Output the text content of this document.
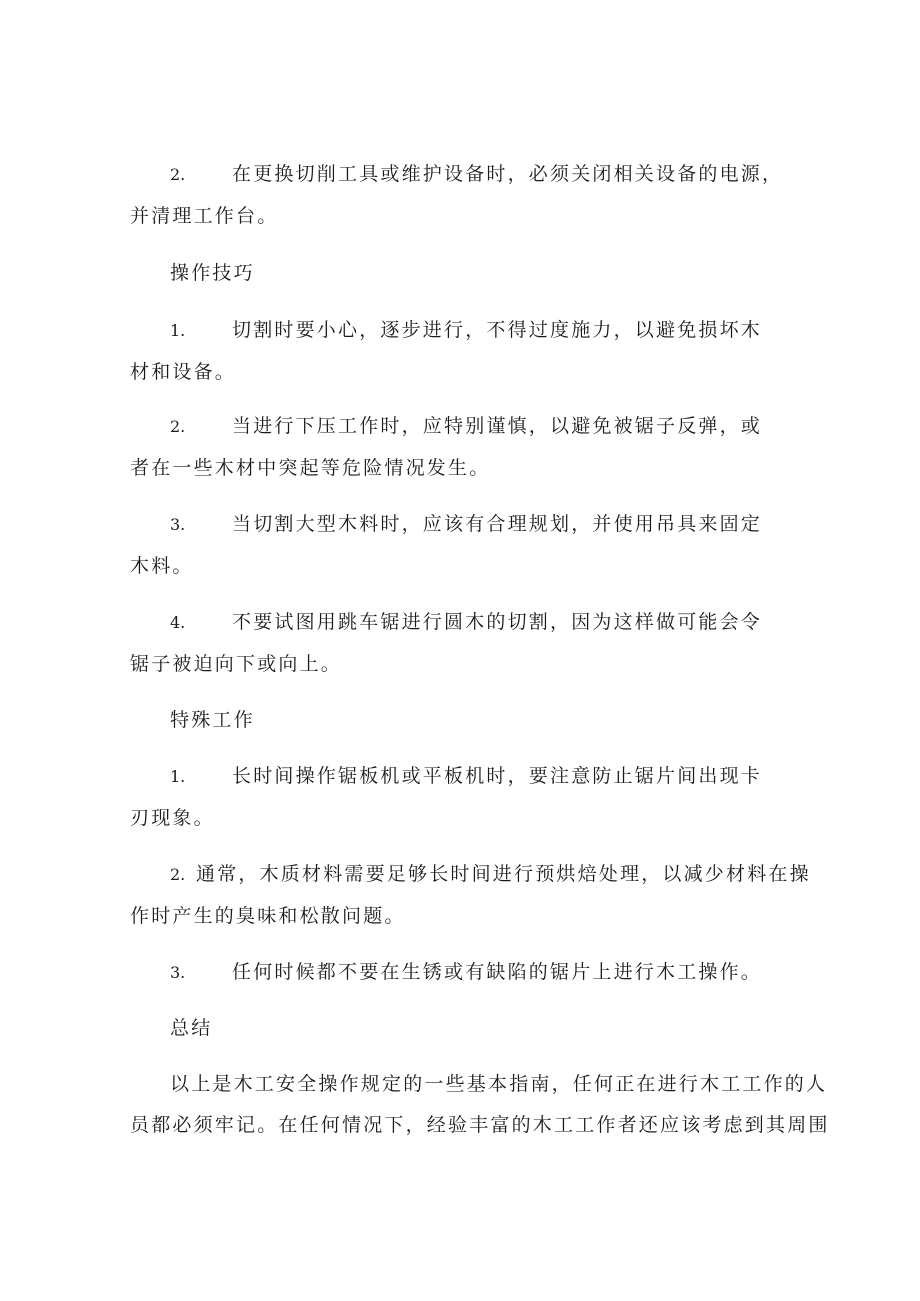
2. 在更换切削工具或维护设备时，必须关闭相关设备的电源，
并清理工作台。
操作技巧
1. 切割时要小心，逐步进行，不得过度施力，以避免损坏木
材和设备。
2. 当进行下压工作时，应特别谨慎，以避免被锯子反弹，或
者在一些木材中突起等危险情况发生。
3. 当切割大型木料时，应该有合理规划，并使用吊具来固定
木料。
4. 不要试图用跳车锯进行圆木的切割，因为这样做可能会令
锯子被迫向下或向上。
特殊工作
1. 长时间操作锯板机或平板机时，要注意防止锯片间出现卡
刃现象。
2. 通常，木质材料需要足够长时间进行预烘焙处理，以减少材料在操
作时产生的臭味和松散问题。
3. 任何时候都不要在生锈或有缺陷的锯片上进行木工操作。
总结
以上是木工安全操作规定的一些基本指南，任何正在进行木工工作的人
员都必须牢记。在任何情况下，经验丰富的木工工作者还应该考虑到其周围
